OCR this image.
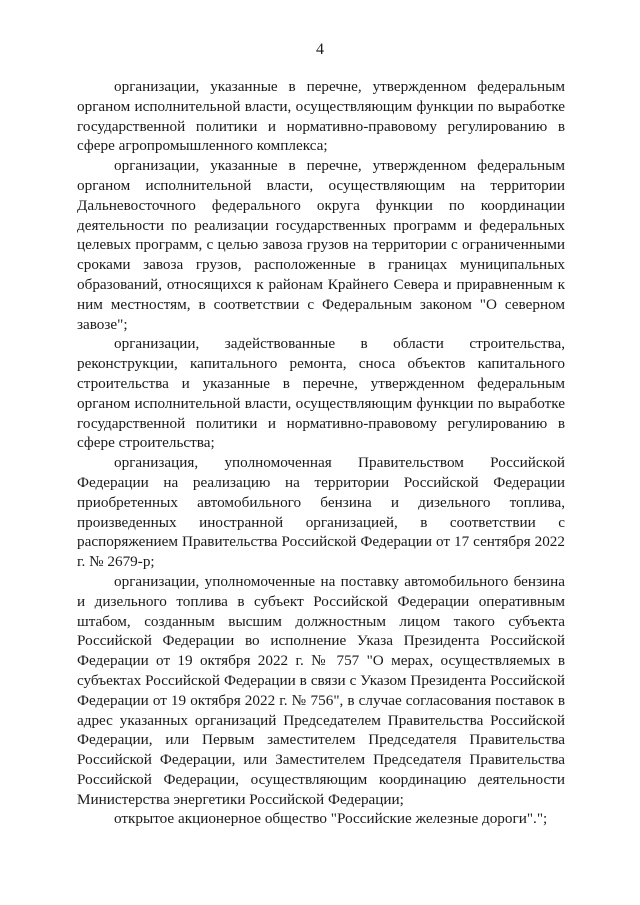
4

организации, указанные в перечне, утвержденном федеральным органом исполнительной власти, осуществляющим функции по выработке государственной политики и нормативно-правовому регулированию в сфере агропромышленного комплекса;

организации, указанные в перечне, утвержденном федеральным органом исполнительной власти, осуществляющим на территории Дальневосточного федерального округа функции по координации деятельности по реализации государственных программ и федеральных целевых программ, с целью завоза грузов на территории с ограниченными сроками завоза грузов, расположенные в границах муниципальных образований, относящихся к районам Крайнего Севера и приравненным к ним местностям, в соответствии с Федеральным законом "О северном завозе";

организации, задействованные в области строительства, реконструкции, капитального ремонта, сноса объектов капитального строительства и указанные в перечне, утвержденном федеральным органом исполнительной власти, осуществляющим функции по выработке государственной политики и нормативно-правовому регулированию в сфере строительства;

организация, уполномоченная Правительством Российской Федерации на реализацию на территории Российской Федерации приобретенных автомобильного бензина и дизельного топлива, произведенных иностранной организацией, в соответствии с распоряжением Правительства Российской Федерации от 17 сентября 2022 г. № 2679-р;

организации, уполномоченные на поставку автомобильного бензина и дизельного топлива в субъект Российской Федерации оперативным штабом, созданным высшим должностным лицом такого субъекта Российской Федерации во исполнение Указа Президента Российской Федерации от 19 октября 2022 г. № 757 "О мерах, осуществляемых в субъектах Российской Федерации в связи с Указом Президента Российской Федерации от 19 октября 2022 г. № 756", в случае согласования поставок в адрес указанных организаций Председателем Правительства Российской Федерации, или Первым заместителем Председателя Правительства Российской Федерации, или Заместителем Председателя Правительства Российской Федерации, осуществляющим координацию деятельности Министерства энергетики Российской Федерации;

открытое акционерное общество "Российские железные дороги".";
